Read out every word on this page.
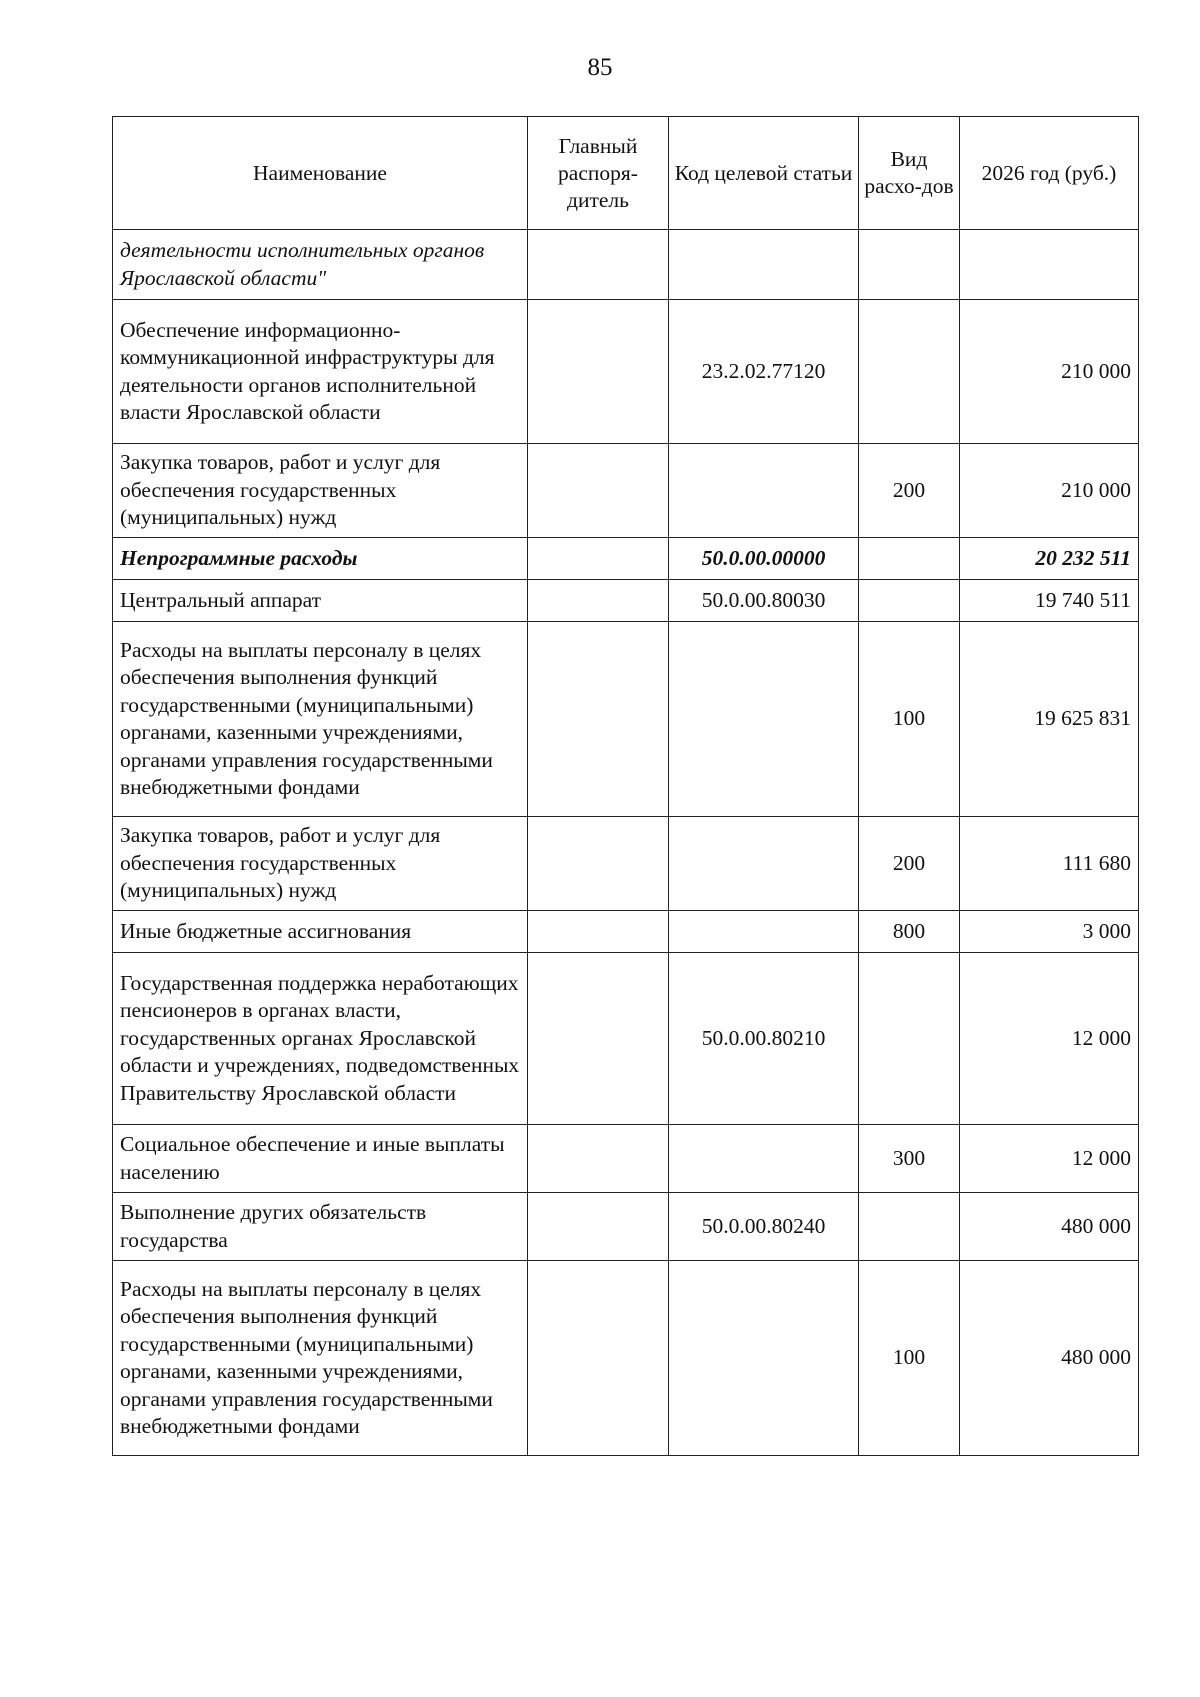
85
Наименование	Главный распоря-дитель	Код целевой статьи	Вид расхо-дов	2026 год (руб.)
деятельности исполнительных органов Ярославской области"				
Обеспечение информационно-коммуникационной инфраструктуры для деятельности органов исполнительной власти Ярославской области		23.2.02.77120		210 000
Закупка товаров, работ и услуг для обеспечения государственных (муниципальных) нужд			200	210 000
Непрограммные расходы		50.0.00.00000		20 232 511
Центральный аппарат		50.0.00.80030		19 740 511
Расходы на выплаты персоналу в целях обеспечения выполнения функций государственными (муниципальными) органами, казенными учреждениями, органами управления государственными внебюджетными фондами			100	19 625 831
Закупка товаров, работ и услуг для обеспечения государственных (муниципальных) нужд			200	111 680
Иные бюджетные ассигнования			800	3 000
Государственная поддержка неработающих пенсионеров в органах власти, государственных органах Ярославской области и учреждениях, подведомственных Правительству Ярославской области		50.0.00.80210		12 000
Социальное обеспечение и иные выплаты населению			300	12 000
Выполнение других обязательств государства		50.0.00.80240		480 000
Расходы на выплаты персоналу в целях обеспечения выполнения функций государственными (муниципальными) органами, казенными учреждениями, органами управления государственными внебюджетными фондами			100	480 000
